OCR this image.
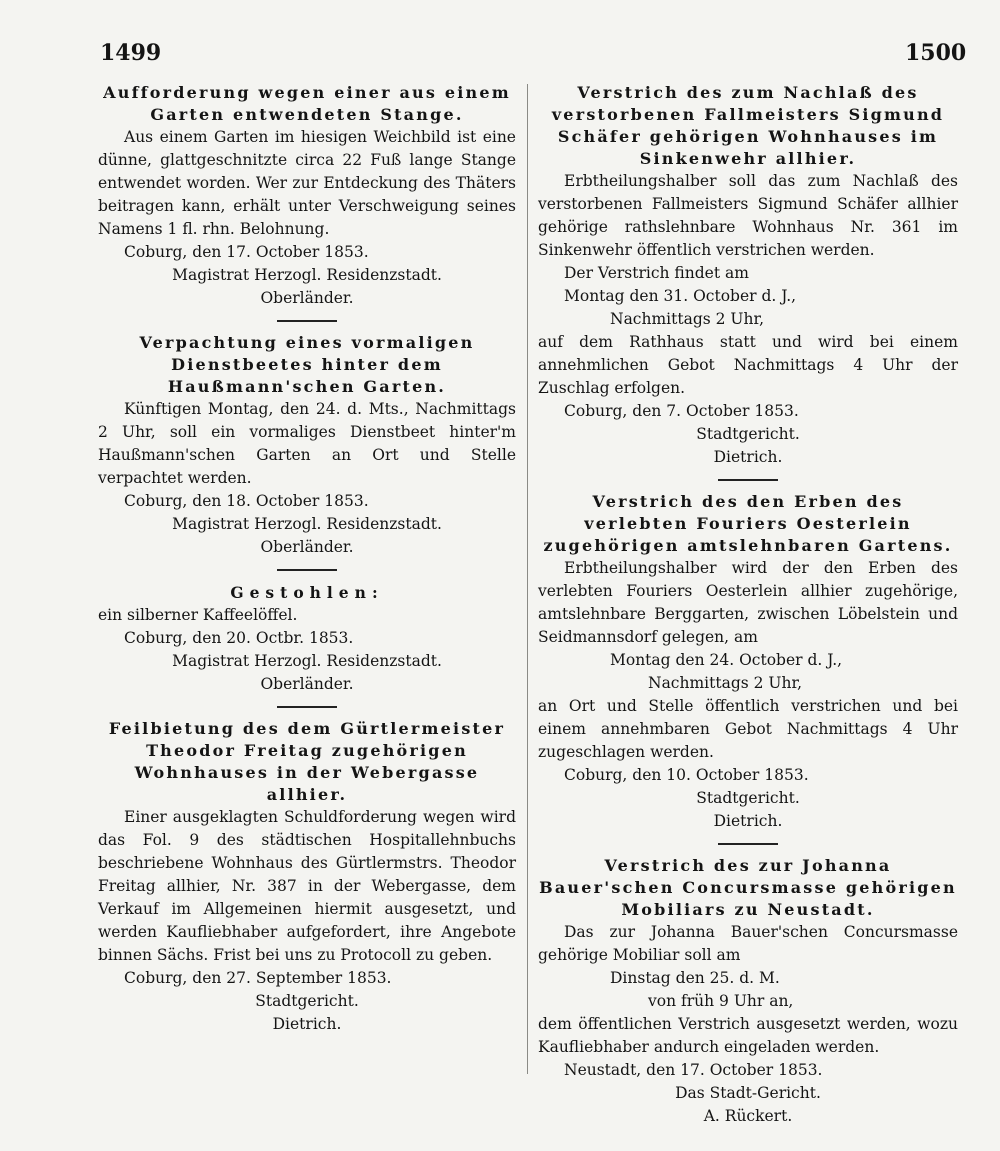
1499	1500
Aufforderung wegen einer aus einem Garten entwendeten Stange.

Aus einem Garten im hiesigen Weichbild ist eine dünne, glattgeschnitzte circa 22 Fuß lange Stange entwendet worden. Wer zur Entdeckung des Thäters beitragen kann, erhält unter Verschweigung seines Namens 1 fl. rhn. Belohnung.

Coburg, den 17. October 1853.
Magistrat Herzogl. Residenzstadt.
Oberländer.
Verpachtung eines vormaligen Dienstbeetes hinter dem Haußmann'schen Garten.

Künftigen Montag, den 24. d. Mts., Nachmittags 2 Uhr, soll ein vormaliges Dienstbeet hinter'm Haußmann'schen Garten an Ort und Stelle verpachtet werden.

Coburg, den 18. October 1853.
Magistrat Herzogl. Residenzstadt.
Oberländer.
Gestohlen:
ein silberner Kaffeelöffel.
Coburg, den 20. Octbr. 1853.
Magistrat Herzogl. Residenzstadt.
Oberländer.
Feilbietung des dem Gürtlermeister Theodor Freitag zugehörigen Wohnhauses in der Webergasse allhier.

Einer ausgeklagten Schuldforderung wegen wird das Fol. 9 des städtischen Hospitallehnbuchs beschriebene Wohnhaus des Gürtlermstrs. Theodor Freitag allhier, Nr. 387 in der Webergasse, dem Verkauf im Allgemeinen hiermit ausgesetzt, und werden Kaufliebhaber aufgefordert, ihre Angebote binnen Sächs. Frist bei uns zu Protocoll zu geben.

Coburg, den 27. September 1853.
Stadtgericht.
Dietrich.
Verstrich des zum Nachlaß des verstorbenen Fallmeisters Sigmund Schäfer gehörigen Wohnhauses im Sinkenwehr allhier.

Erbtheilungshalber soll das zum Nachlaß des verstorbenen Fallmeisters Sigmund Schäfer allhier gehörige rathslehnbare Wohnhaus Nr. 361 im Sinkenwehr öffentlich verstrichen werden.

Der Verstrich findet am
Montag den 31. October d. J.,
Nachmittags 2 Uhr,

auf dem Rathhaus statt und wird bei einem annehmlichen Gebot Nachmittags 4 Uhr der Zuschlag erfolgen.

Coburg, den 7. October 1853.
Stadtgericht.
Dietrich.
Verstrich des den Erben des verlebten Fouriers Oesterlein zugehörigen amtslehnbaren Gartens.

Erbtheilungshalber wird der den Erben des verlebten Fouriers Oesterlein allhier zugehörige, amtslehnbare Berggarten, zwischen Löbelstein und Seidmannsdorf gelegen, am

Montag den 24. October d. J.,
Nachmittags 2 Uhr,

an Ort und Stelle öffentlich verstrichen und bei einem annehmbaren Gebot Nachmittags 4 Uhr zugeschlagen werden.

Coburg, den 10. October 1853.
Stadtgericht.
Dietrich.
Verstrich des zur Johanna Bauer'schen Concursmasse gehörigen Mobiliars zu Neustadt.

Das zur Johanna Bauer'schen Concursmasse gehörige Mobiliar soll am

Dinstag den 25. d. M.
von früh 9 Uhr an,

dem öffentlichen Verstrich ausgesetzt werden, wozu Kaufliebhaber andurch eingeladen werden.

Neustadt, den 17. October 1853.
Das Stadt-Gericht.
A. Rückert.
